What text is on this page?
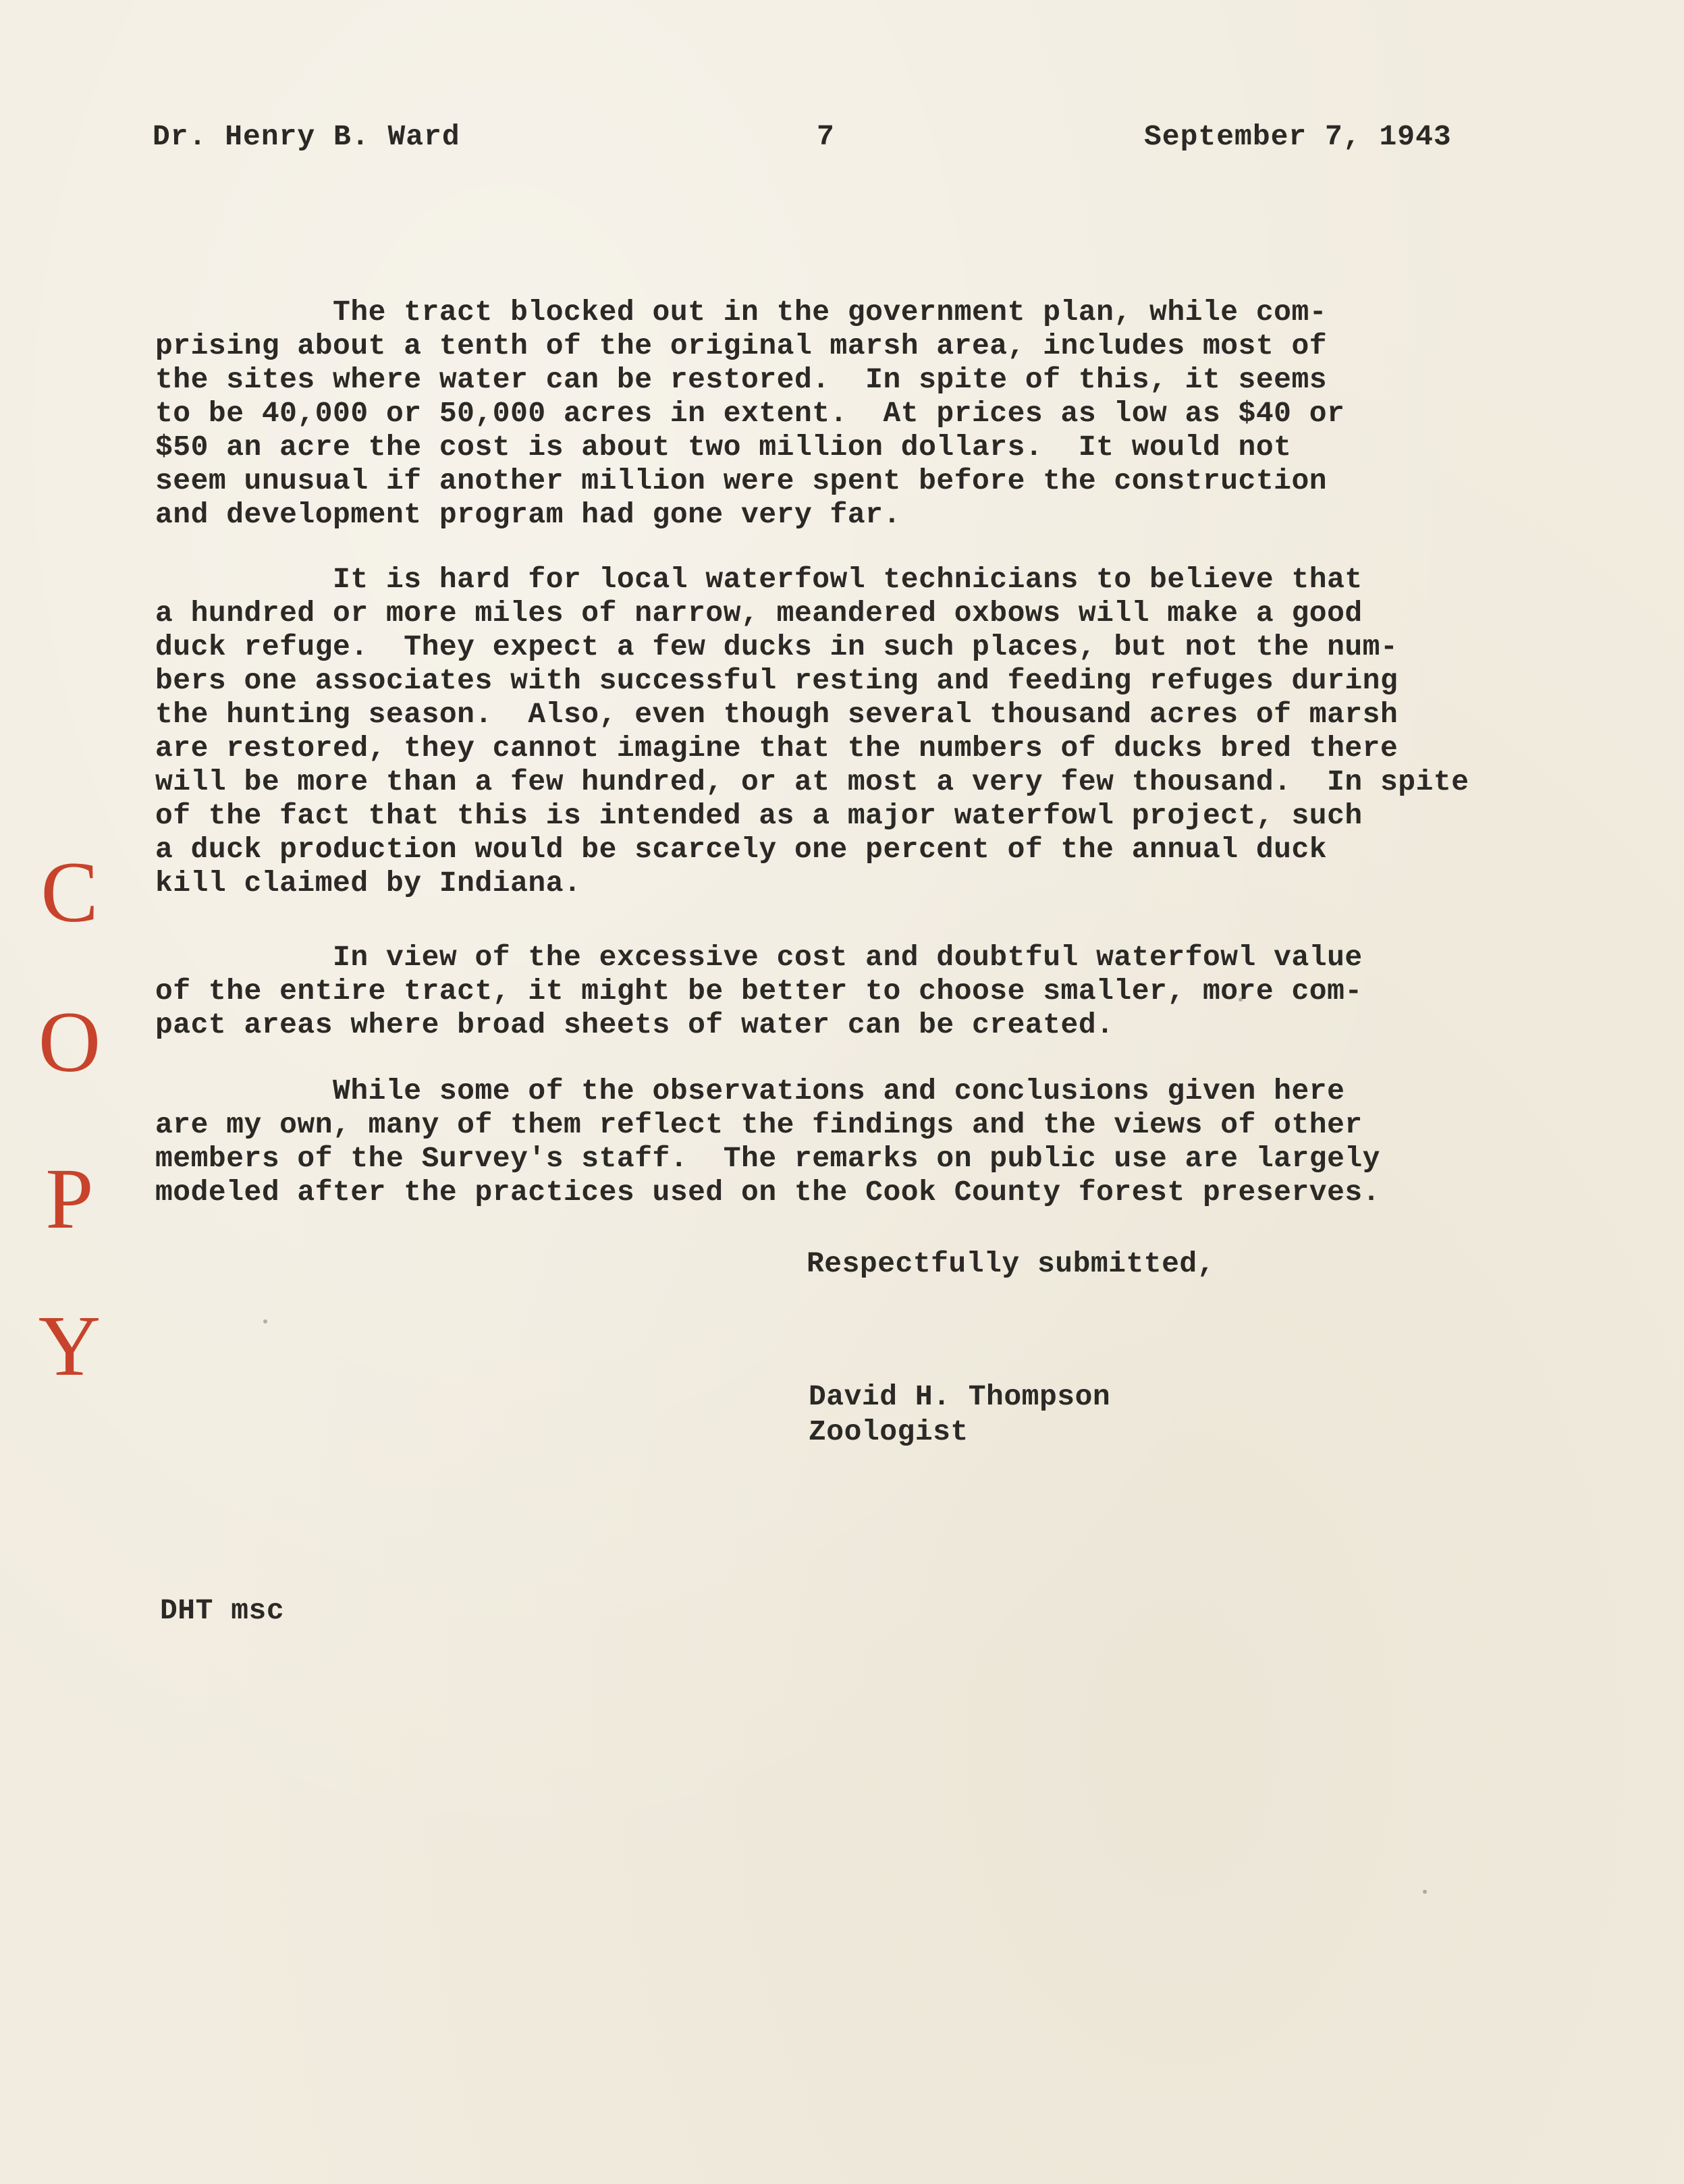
Dr. Henry B. Ward	7	September 7, 1943

The tract blocked out in the government plan, while com-
prising about a tenth of the original marsh area, includes most of
the sites where water can be restored.  In spite of this, it seems
to be 40,000 or 50,000 acres in extent.  At prices as low as $40 or
$50 an acre the cost is about two million dollars.  It would not
seem unusual if another million were spent before the construction
and development program had gone very far.

It is hard for local waterfowl technicians to believe that
a hundred or more miles of narrow, meandered oxbows will make a good
duck refuge.  They expect a few ducks in such places, but not the num-
bers one associates with successful resting and feeding refuges during
the hunting season.  Also, even though several thousand acres of marsh
are restored, they cannot imagine that the numbers of ducks bred there
will be more than a few hundred, or at most a very few thousand.  In spite
of the fact that this is intended as a major waterfowl project, such
a duck production would be scarcely one percent of the annual duck
kill claimed by Indiana.

In view of the excessive cost and doubtful waterfowl value
of the entire tract, it might be better to choose smaller, more com-
pact areas where broad sheets of water can be created.

While some of the observations and conclusions given here
are my own, many of them reflect the findings and the views of other
members of the Survey's staff.  The remarks on public use are largely
modeled after the practices used on the Cook County forest preserves.

Respectfully submitted,
David H. Thompson
Zoologist
DHT msc
C
O
P
Y
